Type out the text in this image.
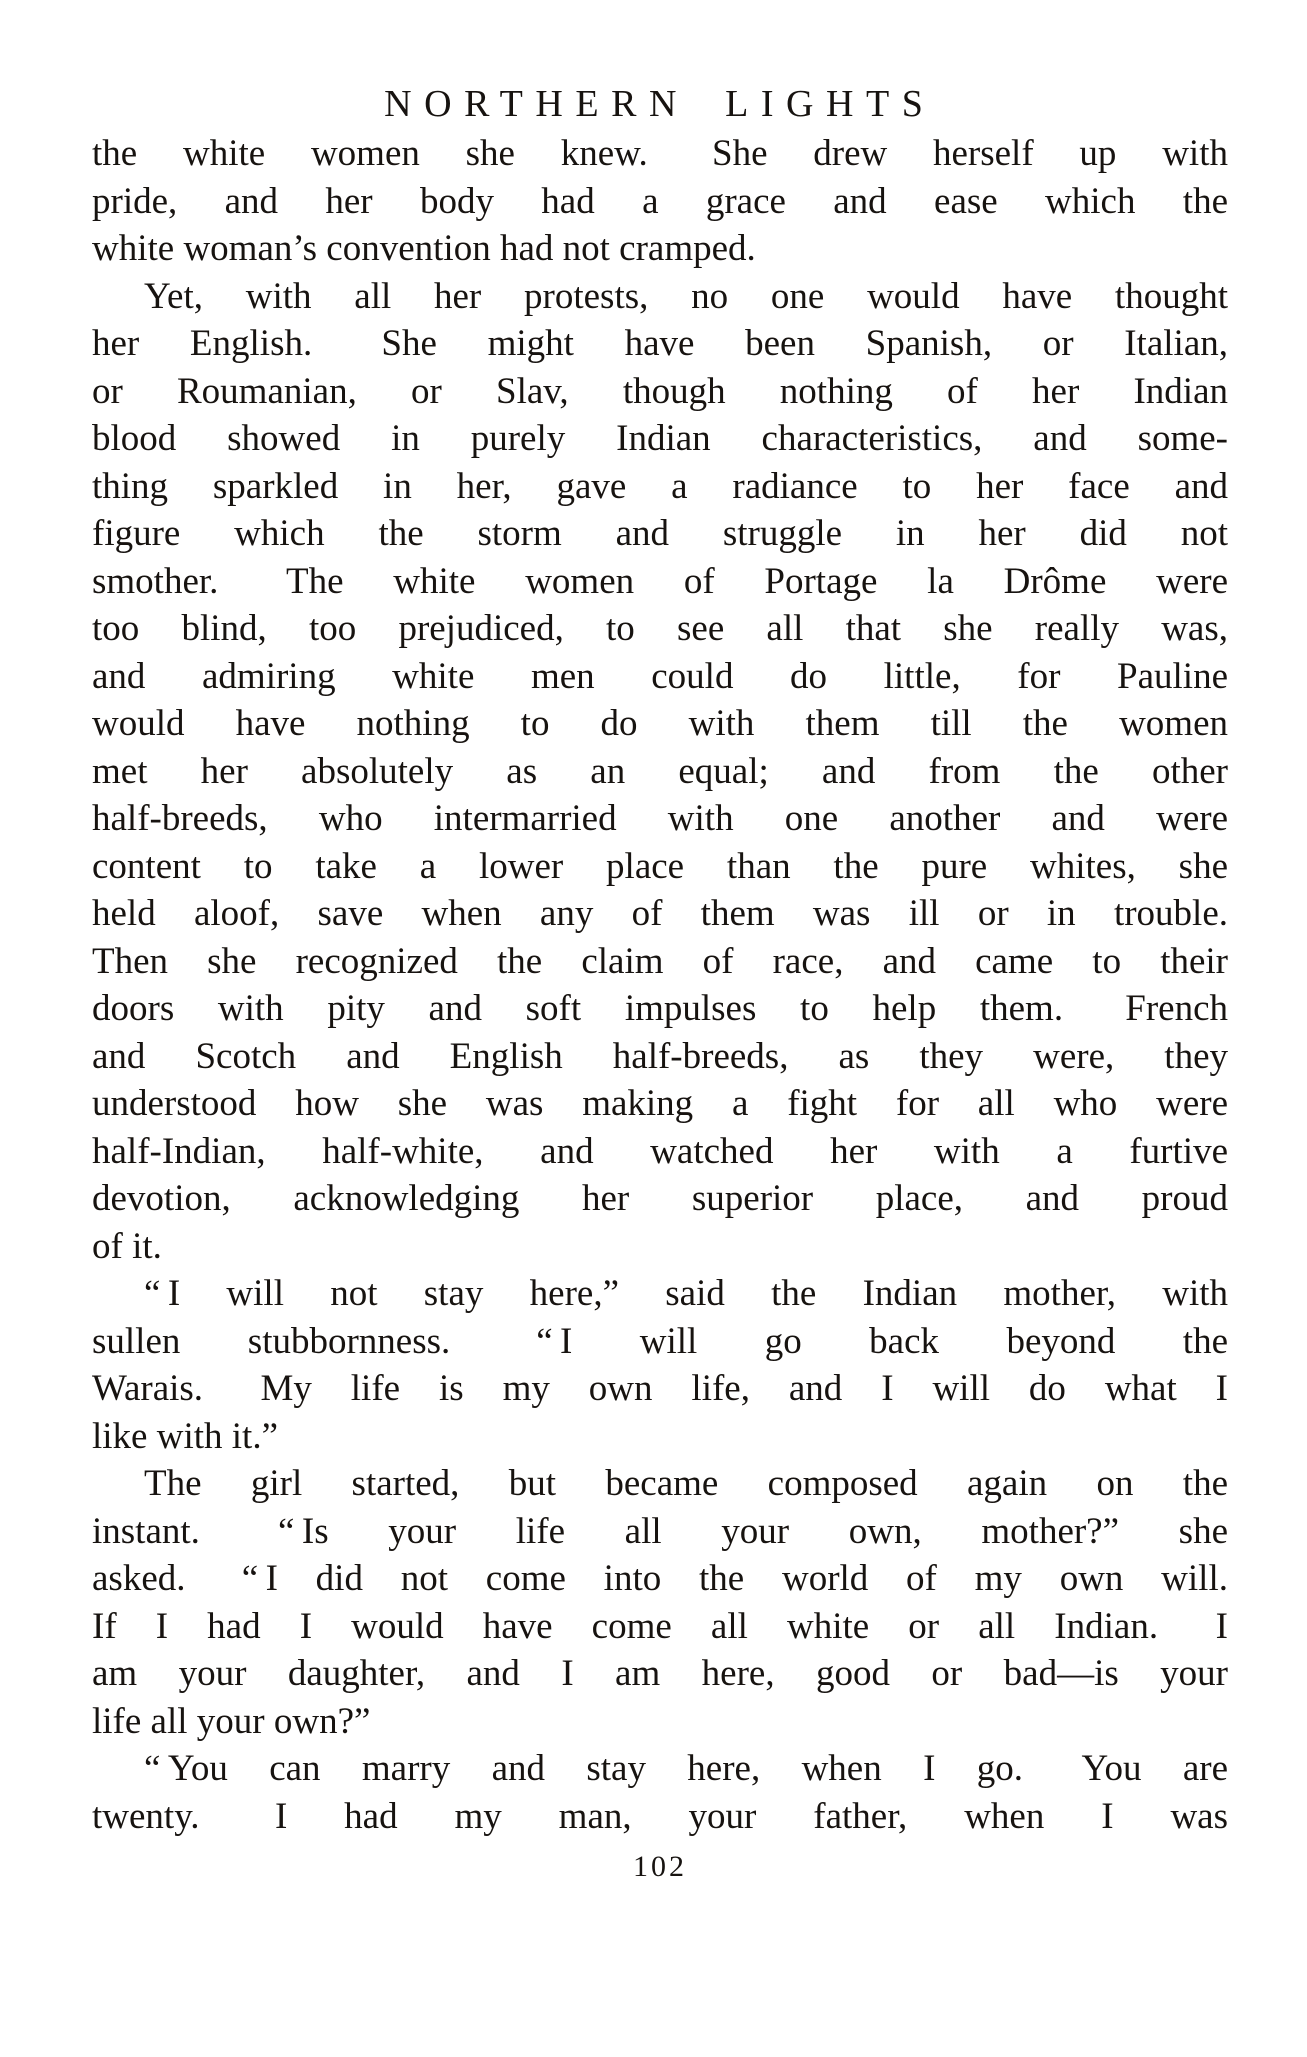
NORTHERN LIGHTS
the white women she knew.  She drew herself up with
pride, and her body had a grace and ease which the
white woman’s convention had not cramped.
Yet, with all her protests, no one would have thought
her English.  She might have been Spanish, or Italian,
or Roumanian, or Slav, though nothing of her Indian
blood showed in purely Indian characteristics, and some-
thing sparkled in her, gave a radiance to her face and
figure which the storm and struggle in her did not
smother.  The white women of Portage la Drôme were
too blind, too prejudiced, to see all that she really was,
and admiring white men could do little, for Pauline
would have nothing to do with them till the women
met her absolutely as an equal; and from the other
half-breeds, who intermarried with one another and were
content to take a lower place than the pure whites, she
held aloof, save when any of them was ill or in trouble.
Then she recognized the claim of race, and came to their
doors with pity and soft impulses to help them.  French
and Scotch and English half-breeds, as they were, they
understood how she was making a fight for all who were
half-Indian, half-white, and watched her with a furtive
devotion, acknowledging her superior place, and proud
of it.
“ I will not stay here,” said the Indian mother, with
sullen stubbornness.  “ I will go back beyond the
Warais.  My life is my own life, and I will do what I
like with it.”
The girl started, but became composed again on the
instant.  “ Is your life all your own, mother?” she
asked.  “ I did not come into the world of my own will.
If I had I would have come all white or all Indian.  I
am your daughter, and I am here, good or bad—is your
life all your own?”
“ You can marry and stay here, when I go.  You are
twenty.  I had my man, your father, when I was
102
